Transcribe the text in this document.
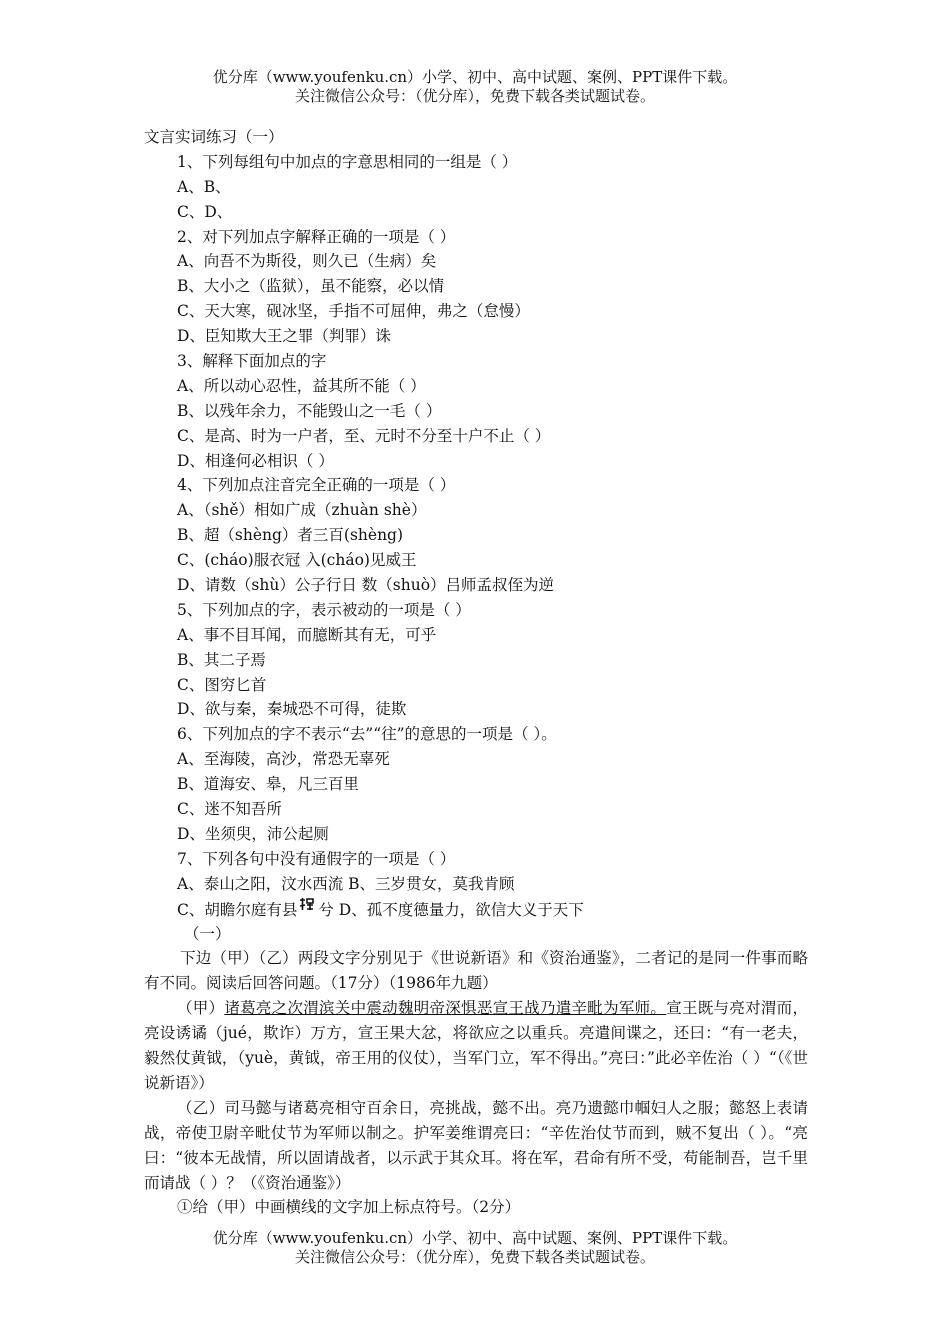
优分库（www.youfenku.cn）小学、初中、高中试题、案例、PPT课件下载。
关注微信公众号：（优分库），免费下载各类试题试卷。
文言实词练习（一）
1、下列每组句中加点的字意思相同的一组是（ ）
A、B、
C、D、
2、对下列加点字解释正确的一项是（ ）
A、向吾不为斯役，则久已（生病）矣
B、大小之（监狱），虽不能察，必以情
C、天大寒，砚冰坚，手指不可屈伸，弗之（怠慢）
D、臣知欺大王之罪（判罪）诛
3、解释下面加点的字
A、所以动心忍性，益其所不能（ ）
B、以残年余力，不能毁山之一毛（ ）
C、是高、时为一户者，至、元时不分至十户不止（ ）
D、相逢何必相识（ ）
4、下列加点注音完全正确的一项是（ ）
A、（shě）相如广成（zhuàn shè）
B、超（shèng）者三百(shèng)
C、(cháo)服衣冠 入(cháo)见威王
D、请数（shù）公子行日 数（shuò）吕师孟叔侄为逆
5、下列加点的字，表示被动的一项是（ ）
A、事不目耳闻，而臆断其有无，可乎
B、其二子焉
C、图穷匕首
D、欲与秦，秦城恐不可得，徒欺
6、下列加点的字不表示“去”“往”的意思的一项是（ ）。
A、至海陵，高沙，常恐无辜死
B、道海安、皋，凡三百里
C、迷不知吾所
D、坐须臾，沛公起厕
7、下列各句中没有通假字的一项是（ ）
A、泰山之阳，汶水西流 B、三岁贯女，莫我肯顾
C、胡瞻尔庭有县 兮 D、孤不度德量力，欲信大义于天下
（一）

下边（甲）（乙）两段文字分别见于《世说新语》和《资治通鉴》，二者记的是同一件事而略有不同。阅读后回答问题。（17分）（1986年九题）

（甲）诸葛亮之次渭滨关中震动魏明帝深惧恶宣王战乃遣辛毗为军师。宣王既与亮对渭而，亮设诱谲（jué，欺诈）万方，宣王果大忿，将欲应之以重兵。亮遣间谍之，还曰：“有一老夫，毅然仗黄钺，（yuè，黄钺，帝王用的仪仗），当军门立，军不得出。”亮曰：”此必辛佐治（ ）“（《世说新语》）

（乙）司马懿与诸葛亮相守百余日，亮挑战，懿不出。亮乃遗懿巾帼妇人之服；懿怒上表请战，帝使卫尉辛毗仗节为军师以制之。护军姜维谓亮曰：“辛佐治仗节而到，贼不复出（ ）。“亮曰：“彼本无战情，所以固请战者，以示武于其众耳。将在军，君命有所不受，苟能制吾，岂千里而请战（ ）？（《资治通鉴》）

①给（甲）中画横线的文字加上标点符号。（2分）

优分库（www.youfenku.cn）小学、初中、高中试题、案例、PPT课件下载。
关注微信公众号：（优分库），免费下载各类试题试卷。
